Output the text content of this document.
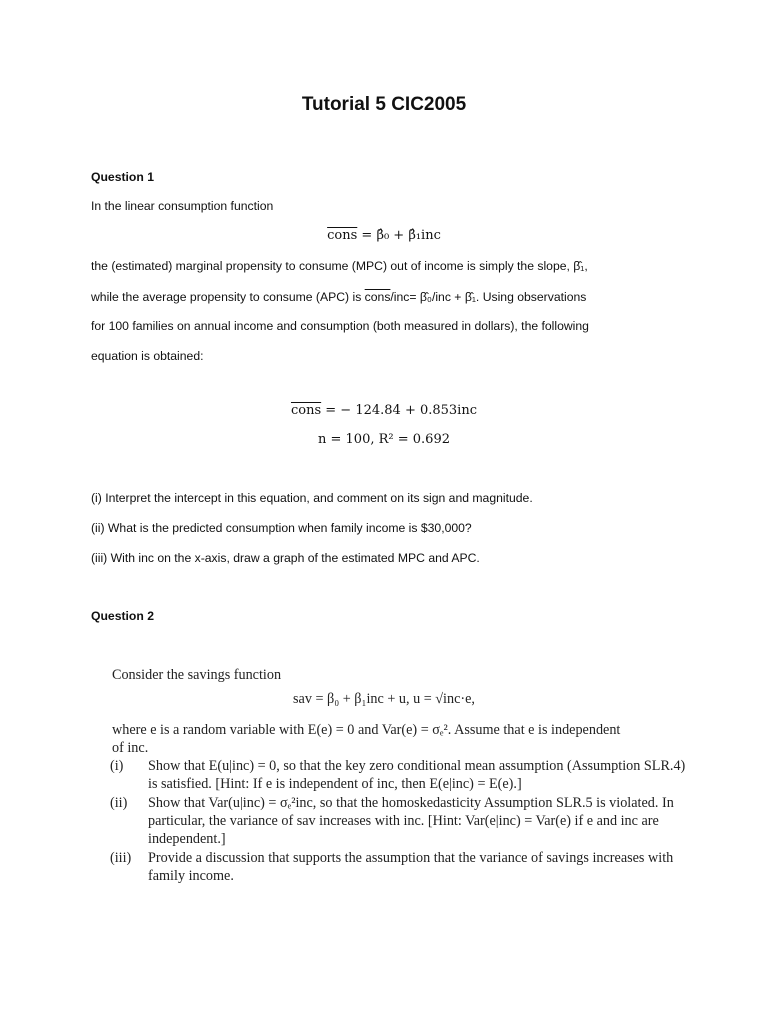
Tutorial 5 CIC2005
Question 1
In the linear consumption function
cons = β̂₀ + β̂₁inc
the (estimated) marginal propensity to consume (MPC) out of income is simply the slope, β̂₁,
while the average propensity to consume (APC) is cons/inc= β̂₀/inc + β̂₁. Using observations
for 100 families on annual income and consumption (both measured in dollars), the following
equation is obtained:
cons = − 124.84 + 0.853inc
n = 100, R² = 0.692
(i) Interpret the intercept in this equation, and comment on its sign and magnitude.
(ii) What is the predicted consumption when family income is $30,000?
(iii) With inc on the x-axis, draw a graph of the estimated MPC and APC.
Question 2
Consider the savings function
sav = β₀ + β₁inc + u, u = √inc·e,
where e is a random variable with E(e) = 0 and Var(e) = σₑ². Assume that e is independent
of inc.
(i) Show that E(u|inc) = 0, so that the key zero conditional mean assumption (Assumption SLR.4)
is satisfied. [Hint: If e is independent of inc, then E(e|inc) = E(e).]
(ii) Show that Var(u|inc) = σₑ²inc, so that the homoskedasticity Assumption SLR.5 is violated. In
particular, the variance of sav increases with inc. [Hint: Var(e|inc) = Var(e) if e and inc are
independent.]
(iii) Provide a discussion that supports the assumption that the variance of savings increases with
family income.
